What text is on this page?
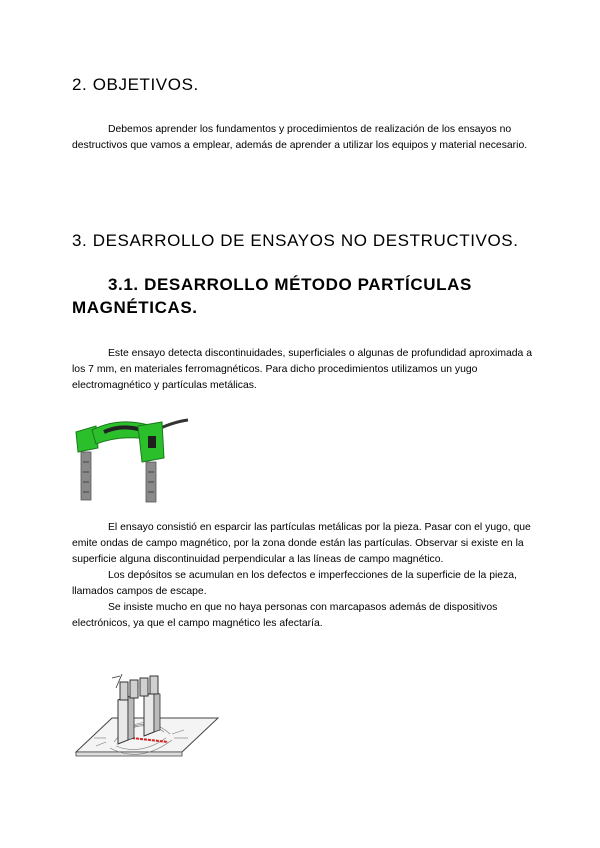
2. OBJETIVOS.

Debemos aprender los fundamentos y procedimientos de realización de los ensayos no destructivos que vamos a emplear, además de aprender a utilizar los equipos y material necesario.

3. DESARROLLO DE ENSAYOS NO DESTRUCTIVOS.
3.1. DESARROLLO MÉTODO PARTÍCULAS MAGNÉTICAS.

Este ensayo detecta discontinuidades, superficiales o algunas de profundidad aproximada a los 7 mm, en materiales ferromagnéticos. Para dicho procedimientos utilizamos un yugo electromagnético y partículas metálicas.

El ensayo consistió en esparcir las partículas metálicas por la pieza. Pasar con el yugo, que emite ondas de campo magnético, por la zona donde están las partículas. Observar si existe en la superficie alguna discontinuidad perpendicular a las líneas de campo magnético.

Los depósitos se acumulan en los defectos e imperfecciones de la superficie de la pieza, llamados campos de escape.

Se insiste mucho en que no haya personas con marcapasos además de dispositivos electrónicos, ya que el campo magnético les afectaría.
